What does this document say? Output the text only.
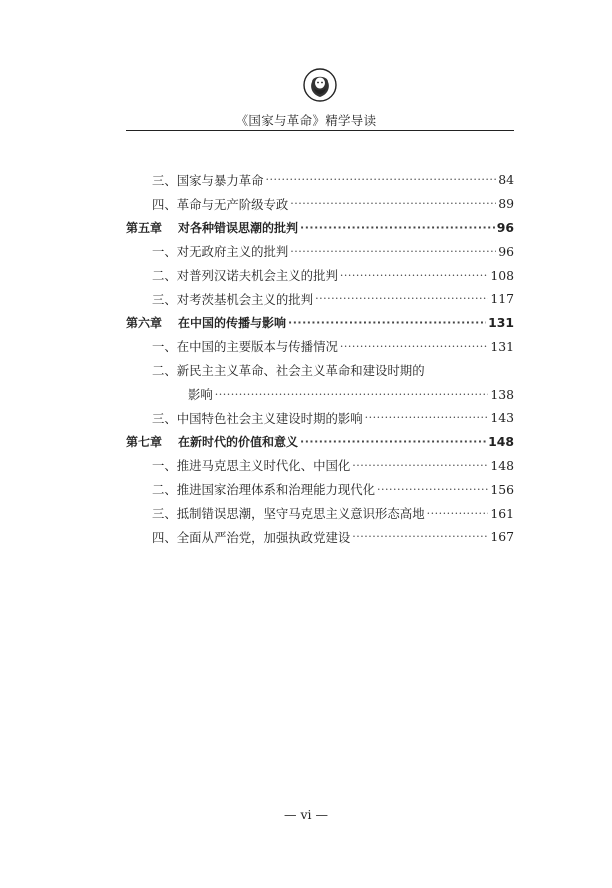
《国家与革命》精学导读
三、国家与暴力革命 ·····	84
四、革命与无产阶级专政 ·····	89
第五章 对各种错误思潮的批判 ·····	96
一、对无政府主义的批判 ·····	96
二、对普列汉诺夫机会主义的批判 ·····	108
三、对考茨基机会主义的批判 ·····	117
第六章 在中国的传播与影响 ·····	131
一、在中国的主要版本与传播情况 ·····	131
二、新民主主义革命、社会主义革命和建设时期的
影响 ·····	138
三、中国特色社会主义建设时期的影响 ·····	143
第七章 在新时代的价值和意义 ·····	148
一、推进马克思主义时代化、中国化 ·····	148
二、推进国家治理体系和治理能力现代化 ·····	156
三、抵制错误思潮，坚守马克思主义意识形态高地 ·····	161
四、全面从严治党，加强执政党建设 ·····	167
— vi —
